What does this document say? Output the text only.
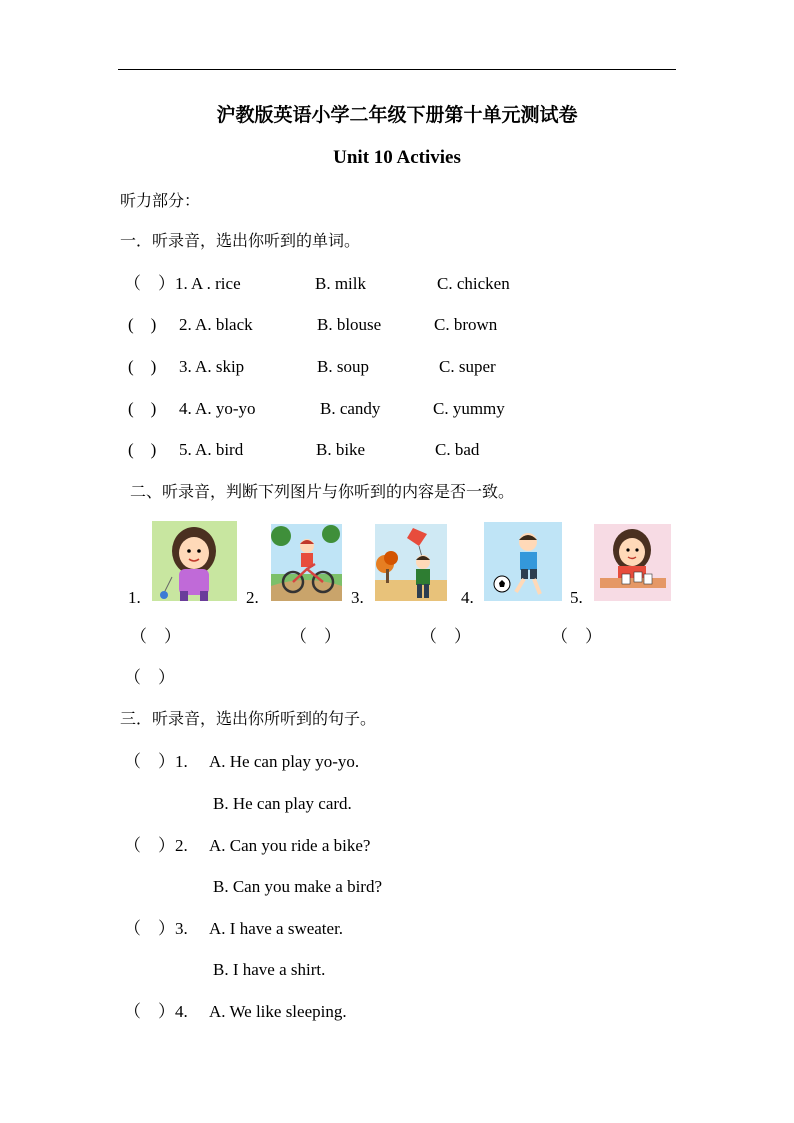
沪教版英语小学二年级下册第十单元测试卷
Unit 10 Activies
听力部分：
一．听录音，选出你听到的单词。
（　） 1. A . rice	B. milk	C. chicken
(　) 2. A. black	B. blouse	C. brown
(　) 3. A. skip	B. soup	C. super
(　) 4. A. yo-yo	B. candy	C. yummy
(　) 5. A. bird	B. bike	C. bad
二、听录音，判断下列图片与你听到的内容是否一致。
1.	2.	3.	4.	5.
（　）	（　）	（　）	（　）
（　）
三．听录音，选出你所听到的句子。
（　） 1. A. He can play yo-yo.
B. He can play card.
（　） 2. A. Can you ride a bike?
B. Can you make a bird?
（　） 3. A. I have a sweater.
B. I have a shirt.
（　） 4. A. We like sleeping.
